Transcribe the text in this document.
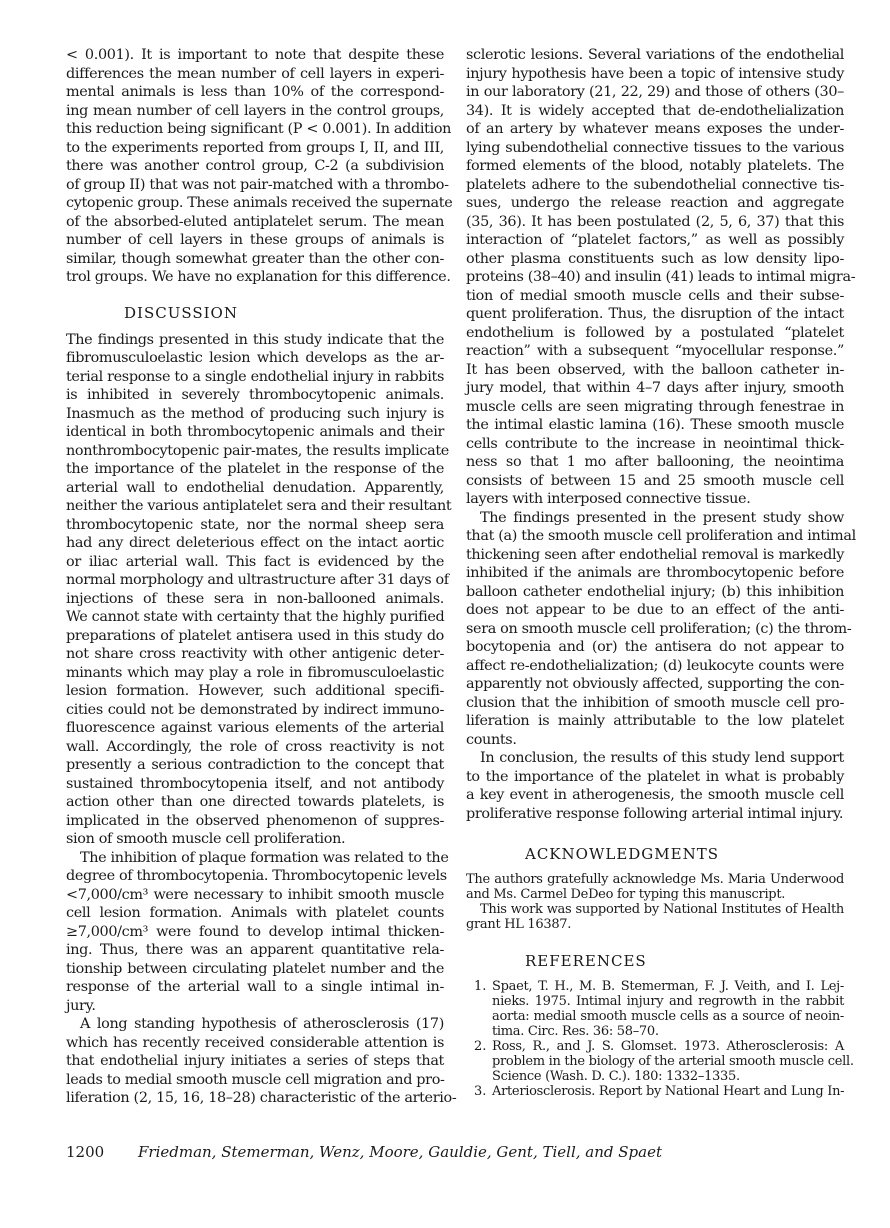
< 0.001). It is important to note that despite these
differences the mean number of cell layers in experi-
mental animals is less than 10% of the correspond-
ing mean number of cell layers in the control groups,
this reduction being significant (P < 0.001). In addition
to the experiments reported from groups I, II, and III,
there was another control group, C-2 (a subdivision
of group II) that was not pair-matched with a thrombo-
cytopenic group. These animals received the supernate
of the absorbed-eluted antiplatelet serum. The mean
number of cell layers in these groups of animals is
similar, though somewhat greater than the other con-
trol groups. We have no explanation for this difference.
DISCUSSION
The findings presented in this study indicate that the
fibromusculoelastic lesion which develops as the ar-
terial response to a single endothelial injury in rabbits
is inhibited in severely thrombocytopenic animals.
Inasmuch as the method of producing such injury is
identical in both thrombocytopenic animals and their
nonthrombocytopenic pair-mates, the results implicate
the importance of the platelet in the response of the
arterial wall to endothelial denudation. Apparently,
neither the various antiplatelet sera and their resultant
thrombocytopenic state, nor the normal sheep sera
had any direct deleterious effect on the intact aortic
or iliac arterial wall. This fact is evidenced by the
normal morphology and ultrastructure after 31 days of
injections of these sera in non-ballooned animals.
We cannot state with certainty that the highly purified
preparations of platelet antisera used in this study do
not share cross reactivity with other antigenic deter-
minants which may play a role in fibromusculoelastic
lesion formation. However, such additional specifi-
cities could not be demonstrated by indirect immuno-
fluorescence against various elements of the arterial
wall. Accordingly, the role of cross reactivity is not
presently a serious contradiction to the concept that
sustained thrombocytopenia itself, and not antibody
action other than one directed towards platelets, is
implicated in the observed phenomenon of suppres-
sion of smooth muscle cell proliferation.
The inhibition of plaque formation was related to the
degree of thrombocytopenia. Thrombocytopenic levels
<7,000/cm³ were necessary to inhibit smooth muscle
cell lesion formation. Animals with platelet counts
≥7,000/cm³ were found to develop intimal thicken-
ing. Thus, there was an apparent quantitative rela-
tionship between circulating platelet number and the
response of the arterial wall to a single intimal in-
jury.
A long standing hypothesis of atherosclerosis (17)
which has recently received considerable attention is
that endothelial injury initiates a series of steps that
leads to medial smooth muscle cell migration and pro-
liferation (2, 15, 16, 18–28) characteristic of the arterio-
sclerotic lesions. Several variations of the endothelial
injury hypothesis have been a topic of intensive study
in our laboratory (21, 22, 29) and those of others (30–
34). It is widely accepted that de-endothelialization
of an artery by whatever means exposes the under-
lying subendothelial connective tissues to the various
formed elements of the blood, notably platelets. The
platelets adhere to the subendothelial connective tis-
sues, undergo the release reaction and aggregate
(35, 36). It has been postulated (2, 5, 6, 37) that this
interaction of “platelet factors,” as well as possibly
other plasma constituents such as low density lipo-
proteins (38–40) and insulin (41) leads to intimal migra-
tion of medial smooth muscle cells and their subse-
quent proliferation. Thus, the disruption of the intact
endothelium is followed by a postulated “platelet
reaction” with a subsequent “myocellular response.”
It has been observed, with the balloon catheter in-
jury model, that within 4–7 days after injury, smooth
muscle cells are seen migrating through fenestrae in
the intimal elastic lamina (16). These smooth muscle
cells contribute to the increase in neointimal thick-
ness so that 1 mo after ballooning, the neointima
consists of between 15 and 25 smooth muscle cell
layers with interposed connective tissue.
The findings presented in the present study show
that (a) the smooth muscle cell proliferation and intimal
thickening seen after endothelial removal is markedly
inhibited if the animals are thrombocytopenic before
balloon catheter endothelial injury; (b) this inhibition
does not appear to be due to an effect of the anti-
sera on smooth muscle cell proliferation; (c) the throm-
bocytopenia and (or) the antisera do not appear to
affect re-endothelialization; (d) leukocyte counts were
apparently not obviously affected, supporting the con-
clusion that the inhibition of smooth muscle cell pro-
liferation is mainly attributable to the low platelet
counts.
In conclusion, the results of this study lend support
to the importance of the platelet in what is probably
a key event in atherogenesis, the smooth muscle cell
proliferative response following arterial intimal injury.
ACKNOWLEDGMENTS
The authors gratefully acknowledge Ms. Maria Underwood
and Ms. Carmel DeDeo for typing this manuscript.
This work was supported by National Institutes of Health
grant HL 16387.
REFERENCES
1. Spaet, T. H., M. B. Stemerman, F. J. Veith, and I. Lej-
nieks. 1975. Intimal injury and regrowth in the rabbit
aorta: medial smooth muscle cells as a source of neoin-
tima. Circ. Res. 36: 58–70.
2. Ross, R., and J. S. Glomset. 1973. Atherosclerosis: A
problem in the biology of the arterial smooth muscle cell.
Science (Wash. D. C.). 180: 1332–1335.
3. Arteriosclerosis. Report by National Heart and Lung In-
1200 Friedman, Stemerman, Wenz, Moore, Gauldie, Gent, Tiell, and Spaet
